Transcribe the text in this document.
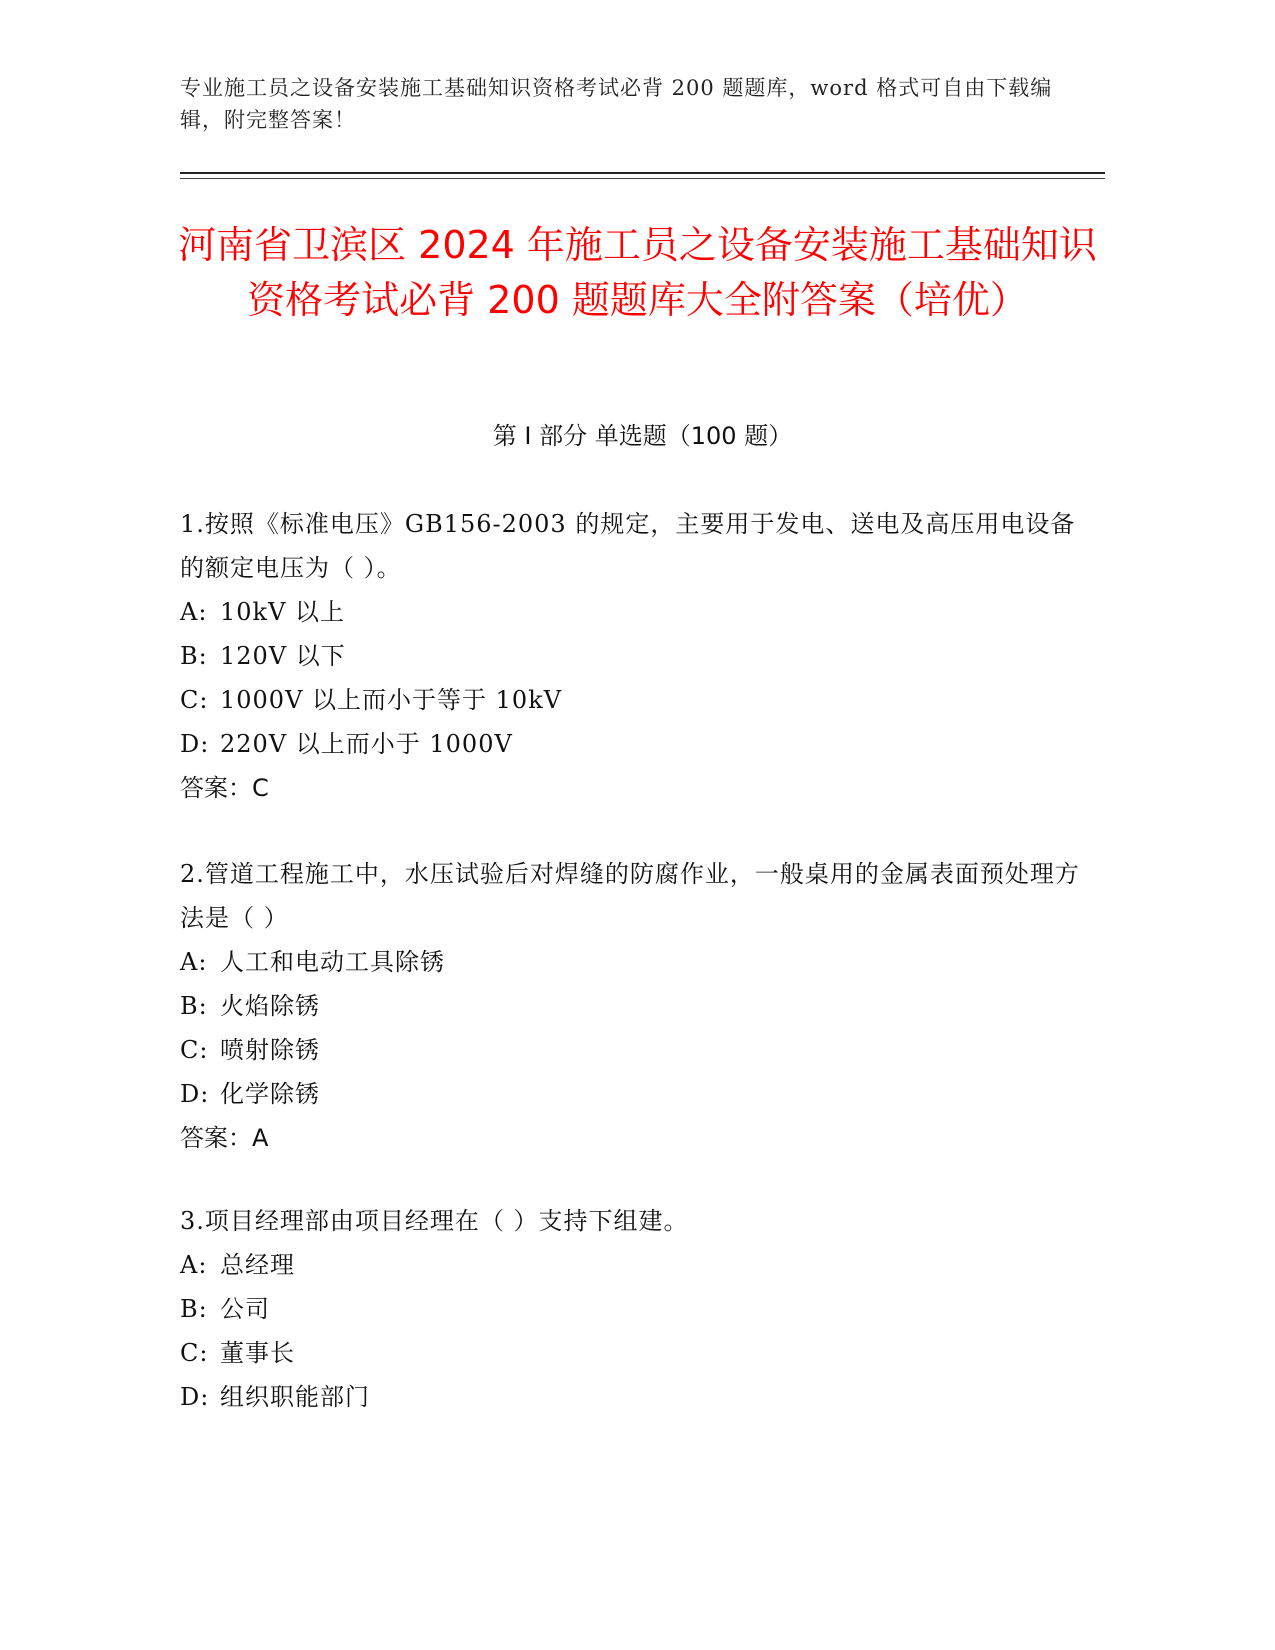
专业施工员之设备安装施工基础知识资格考试必背 200 题题库，word 格式可自由下载编辑，附完整答案！
河南省卫滨区 2024 年施工员之设备安装施工基础知识资格考试必背 200 题题库大全附答案（培优）
第 I 部分 单选题（100 题）

1.按照《标准电压》GB156-2003 的规定，主要用于发电、送电及高压用电设备的额定电压为（ ）。

A: 10kV 以上

B: 120V 以下

C: 1000V 以上而小于等于 10kV

D: 220V 以上而小于 1000V

答案：C

2.管道工程施工中，水压试验后对焊缝的防腐作业，一般桌用的金属表面预处理方法是（ ）

A: 人工和电动工具除锈

B: 火焰除锈

C: 喷射除锈

D: 化学除锈

答案：A

3.项目经理部由项目经理在（ ）支持下组建。

A: 总经理

B: 公司

C: 董事长

D: 组织职能部门
